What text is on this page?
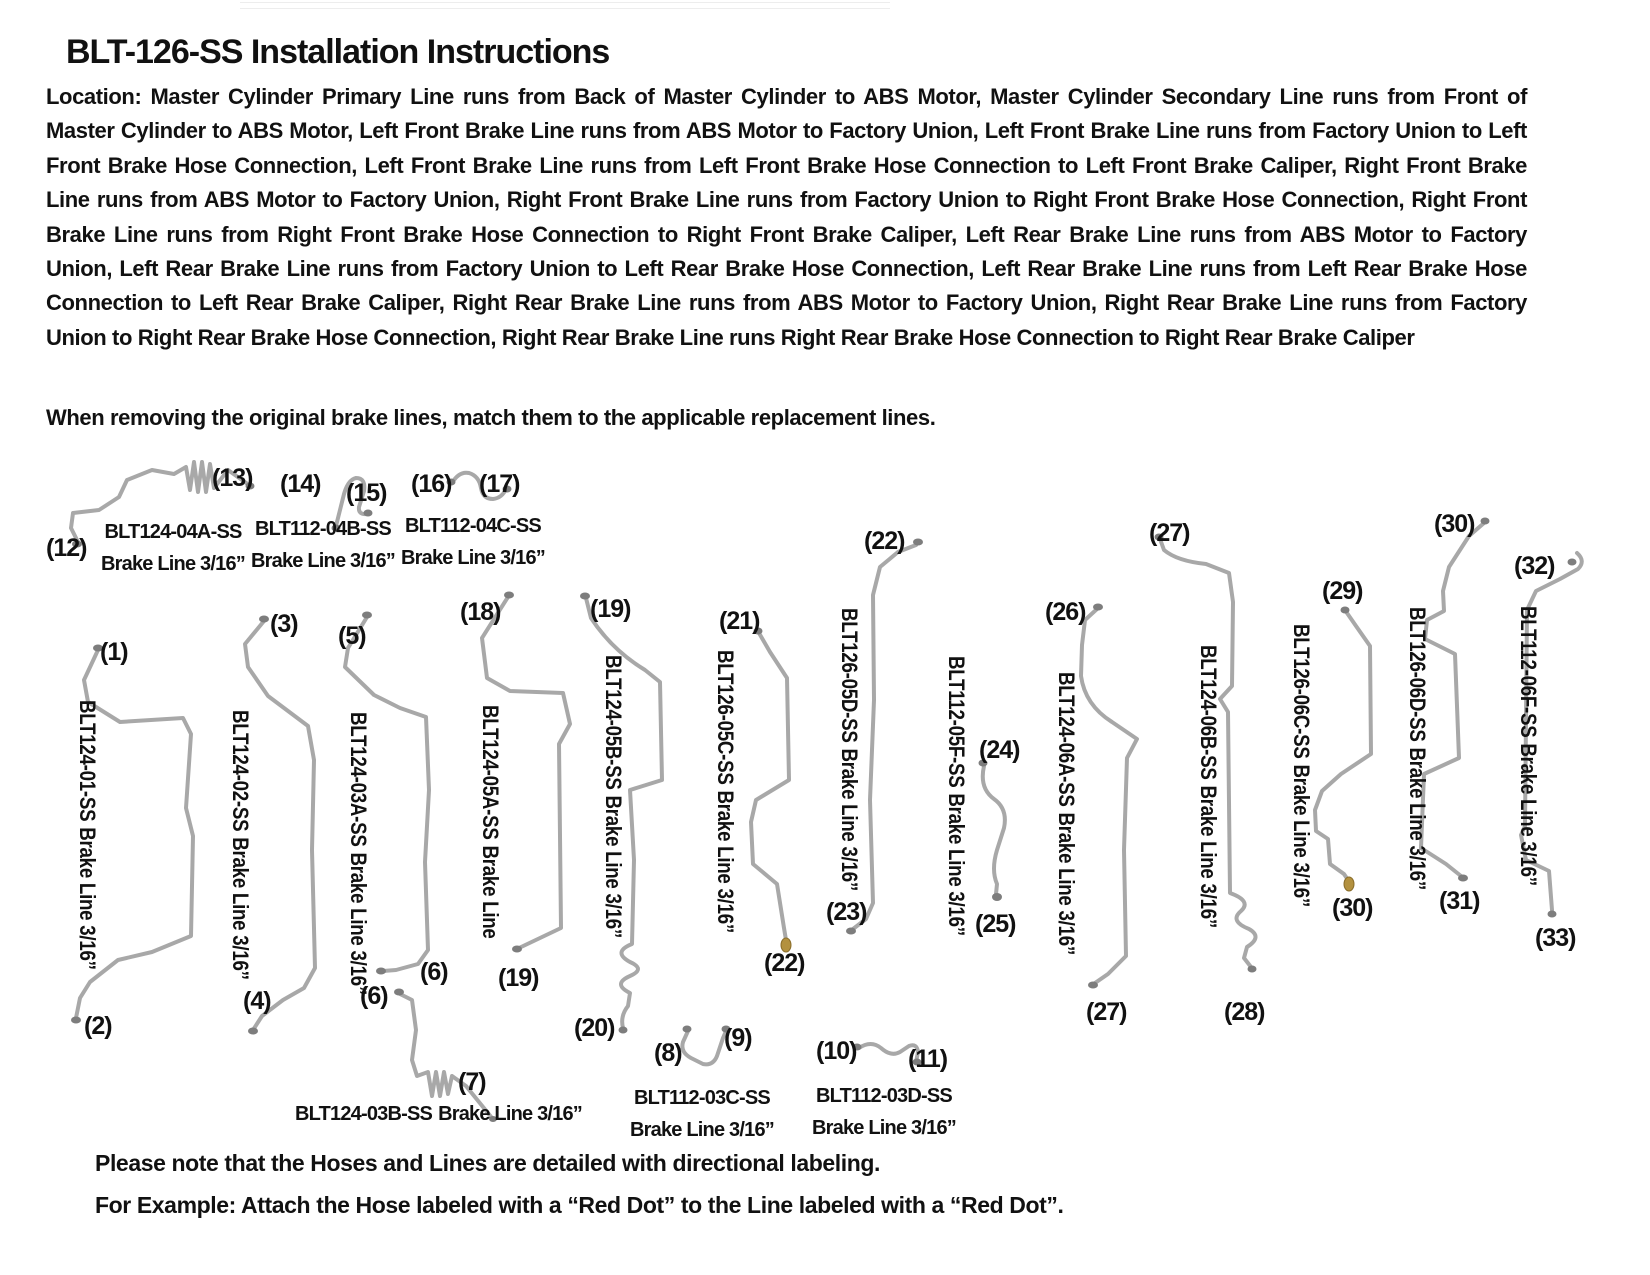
BLT-126-SS Installation Instructions
Location: Master Cylinder Primary Line runs from Back of Master Cylinder to ABS Motor, Master Cylinder Secondary Line runs from Front of Master Cylinder to ABS Motor, Left Front Brake Line runs from ABS Motor to Factory Union, Left Front Brake Line runs from Factory Union to Left Front Brake Hose Connection, Left Front Brake Line runs from Left Front Brake Hose Connection to Left Front Brake Caliper, Right Front Brake Line runs from ABS Motor to Factory Union, Right Front Brake Line runs from Factory Union to Right Front Brake Hose Connection, Right Front Brake Line runs from Right Front Brake Hose Connection to Right Front Brake Caliper, Left Rear Brake Line runs from ABS Motor to Factory Union, Left Rear Brake Line runs from Factory Union to Left Rear Brake Hose Connection, Left Rear Brake Line runs from Left Rear Brake Hose Connection to Left Rear Brake Caliper, Right Rear Brake Line runs from ABS Motor to Factory Union, Right Rear Brake Line runs from Factory Union to Right Rear Brake Hose Connection, Right Rear Brake Line runs Right Rear Brake Hose Connection to Right Rear Brake Caliper
When removing the original brake lines, match them to the applicable replacement lines.
(1)
(2)
(3)
(4)
(5)
(6)
(6)
(7)
(8)
(9)	(10) (11)
(12)
(13) (14) (15) (16) (17)
(18)
(19)
(19)
(20)
(21)
(22)
(22)
(23)
(24)
(25)
(26)
(27)
(27)
(28)
(29)
(30)
(30)
(31)
(32)
(33)
BLT124-01-SSBrake Line 3/16”
BLT124-02-SSBrake Line 3/16”
BLT124-03A-SSBrake Line 3/16”
BLT124-05A-SSBrake Line
BLT124-05B-SSBrake Line 3/16”
BLT126-05C-SSBrake Line 3/16”
BLT126-05D-SSBrake Line 3/16”
BLT112-05F-SSBrake Line 3/16”
BLT124-06A-SSBrake Line 3/16”
BLT124-06B-SSBrake Line 3/16”
BLT126-06C-SSBrake Line 3/16”
BLT126-06D-SSBrake Line 3/16”
BLT112-06F-SSBrake Line 3/16”
BLT124-04A-SS
Brake Line 3/16”
BLT112-04B-SS
Brake Line 3/16”
BLT112-04C-SS
Brake Line 3/16”
BLT124-03B-SS Brake Line 3/16”
BLT112-03C-SS
Brake Line 3/16”
BLT112-03D-SS
Brake Line 3/16”
Please note that the Hoses and Lines are detailed with directional labeling.
For Example: Attach the Hose labeled with a “Red Dot” to the Line labeled with a “Red Dot”.
